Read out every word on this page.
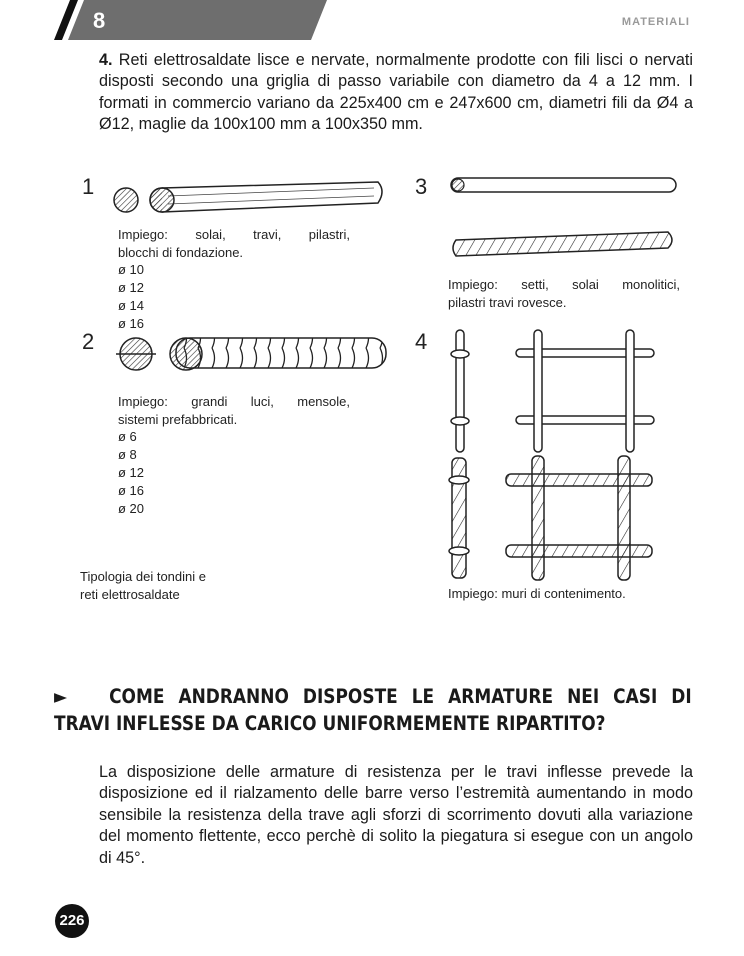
8	MATERIALI
4. Reti elettrosaldate lisce e nervate, normalmente prodotte con fili lisci o nervati disposti secondo una griglia di passo variabile con diametro da 4 a 12 mm. I formati in commercio variano da 225x400 cm e 247x600 cm, diametri fili da Ø4 a Ø12, maglie da 100x100 mm a 100x350 mm.
1	3
2	4
Impiego: solai, travi, pilastri,
blocchi di fondazione.
ø 10
ø 12
ø 14
ø 16
Impiego: grandi luci, mensole,
sistemi prefabbricati.
ø 6
ø 8
ø 12
ø 16
ø 20
Impiego: setti, solai monolitici,
pilastri travi rovesce.
Tipologia dei tondini e
reti elettrosaldate	Impiego: muri di contenimento.
► COME ANDRANNO DISPOSTE LE ARMATURE NEI CASI DI
TRAVI INFLESSE DA CARICO UNIFORMEMENTE RIPARTITO?
La disposizione delle armature di resistenza per le travi inflesse prevede la disposizione ed il rialzamento delle barre verso l’estremità aumentando in modo sensibile la resistenza della trave agli sforzi di scorrimento dovuti alla variazione del momento flettente, ecco perchè di solito la piegatura si esegue con un angolo di 45°.
226
